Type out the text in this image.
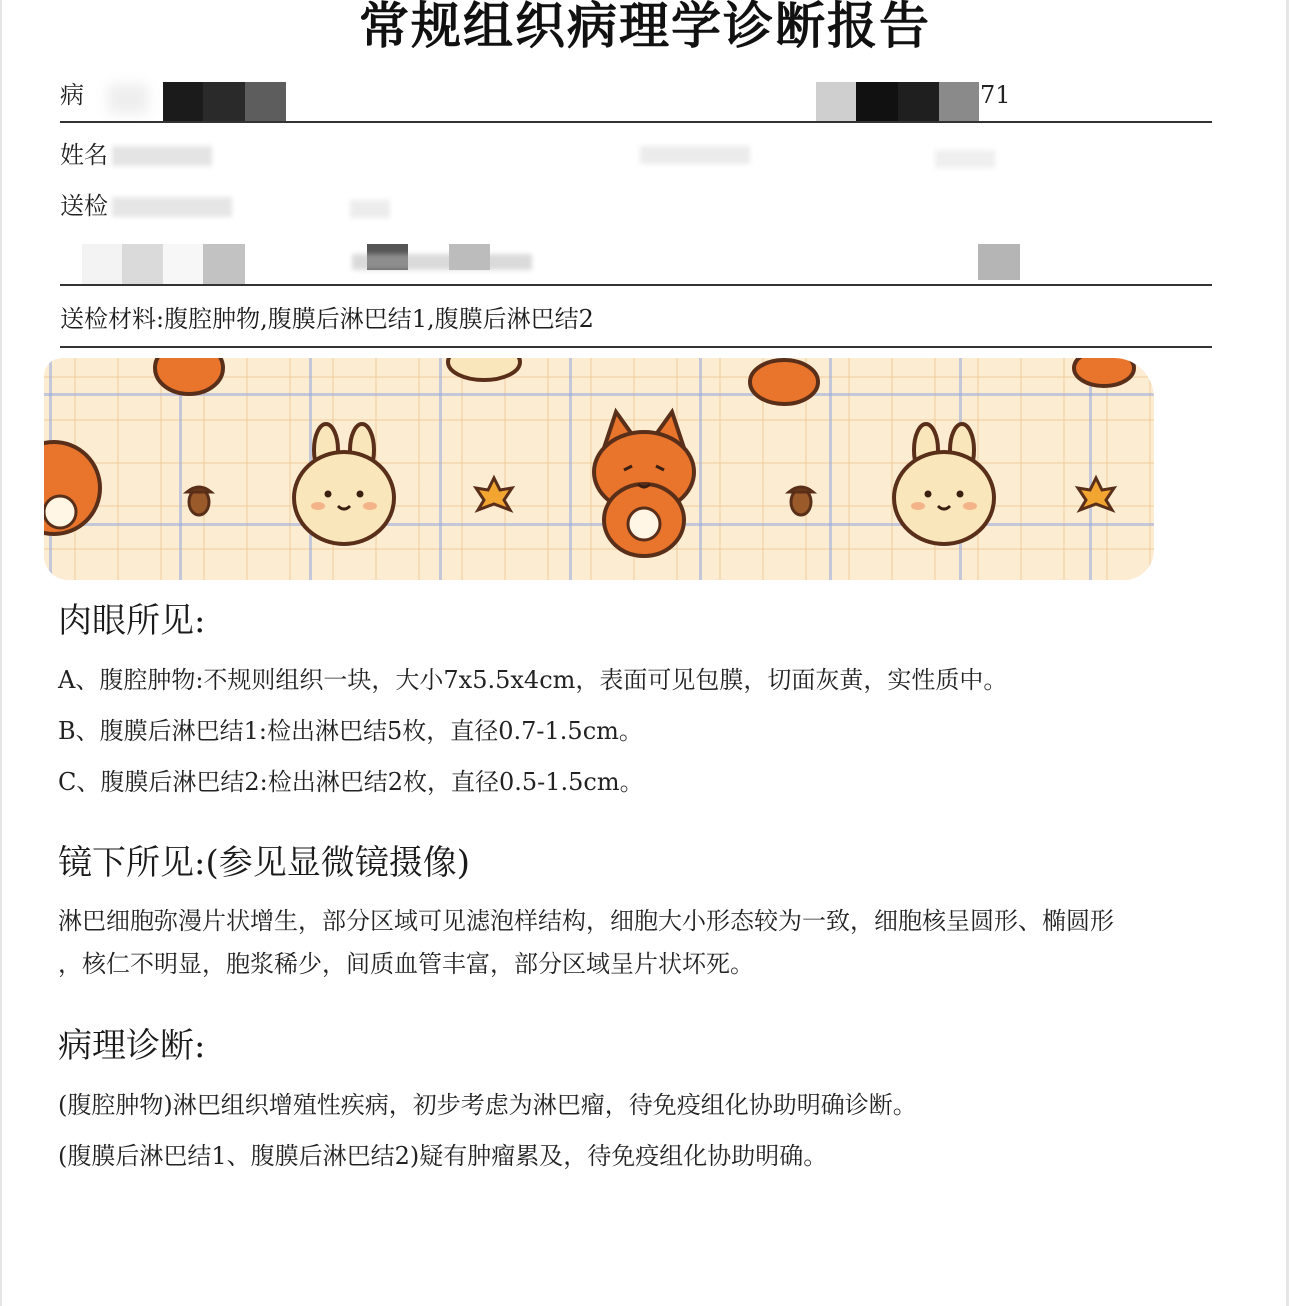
常规组织病理学诊断报告
病	71
姓名
送检
送检材料:腹腔肿物,腹膜后淋巴结1,腹膜后淋巴结2
肉眼所见:
A、腹腔肿物:不规则组织一块，大小7x5.5x4cm，表面可见包膜，切面灰黄，实性质中。
B、腹膜后淋巴结1:检出淋巴结5枚，直径0.7-1.5cm。
C、腹膜后淋巴结2:检出淋巴结2枚，直径0.5-1.5cm。
镜下所见:(参见显微镜摄像)
淋巴细胞弥漫片状增生，部分区域可见滤泡样结构，细胞大小形态较为一致，细胞核呈圆形、椭圆形
，核仁不明显，胞浆稀少，间质血管丰富，部分区域呈片状坏死。
病理诊断:
(腹腔肿物)淋巴组织增殖性疾病，初步考虑为淋巴瘤，待免疫组化协助明确诊断。
(腹膜后淋巴结1、腹膜后淋巴结2)疑有肿瘤累及，待免疫组化协助明确。
